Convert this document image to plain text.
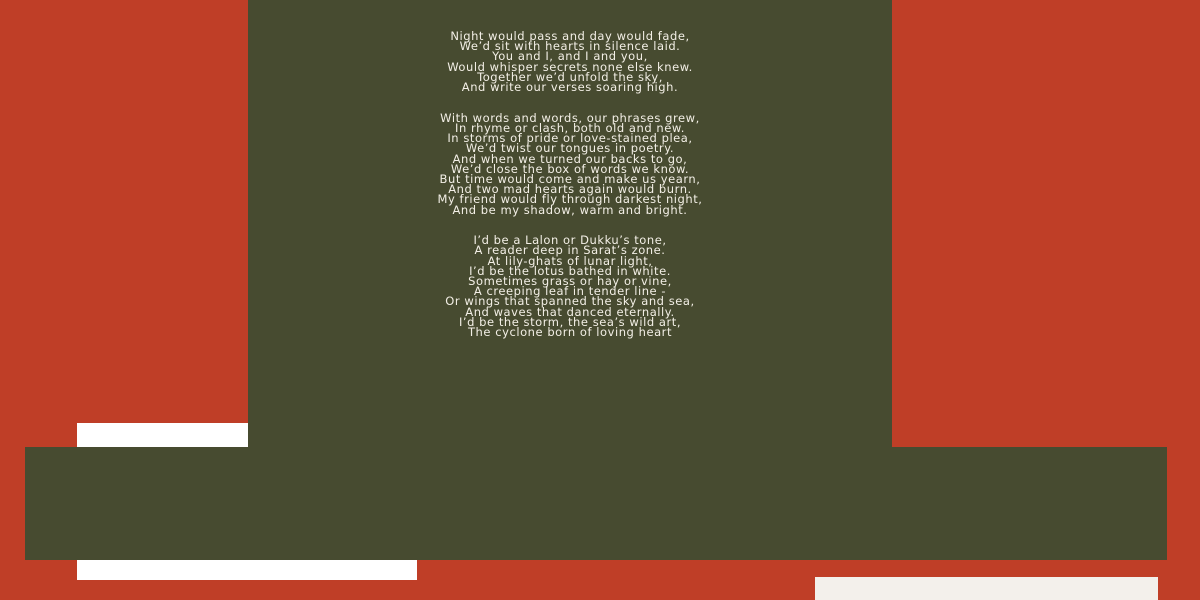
Night would pass and day would fade,
We’d sit with hearts in silence laid.
You and I, and I and you,
Would whisper secrets none else knew.
Together we’d unfold the sky,
And write our verses soaring high.
With words and words, our phrases grew,
In rhyme or clash, both old and new.
In storms of pride or love-stained plea,
We’d twist our tongues in poetry.
And when we turned our backs to go,
We’d close the box of words we know.
But time would come and make us yearn,
And two mad hearts again would burn.
My friend would fly through darkest night,
And be my shadow, warm and bright.
I’d be a Lalon or Dukku’s tone,
A reader deep in Sarat’s zone.
At lily-ghats of lunar light,
I’d be the lotus bathed in white.
Sometimes grass or hay or vine,
A creeping leaf in tender line -
Or wings that spanned the sky and sea,
And waves that danced eternally.
I’d be the storm, the sea’s wild art,
The cyclone born of loving heart
